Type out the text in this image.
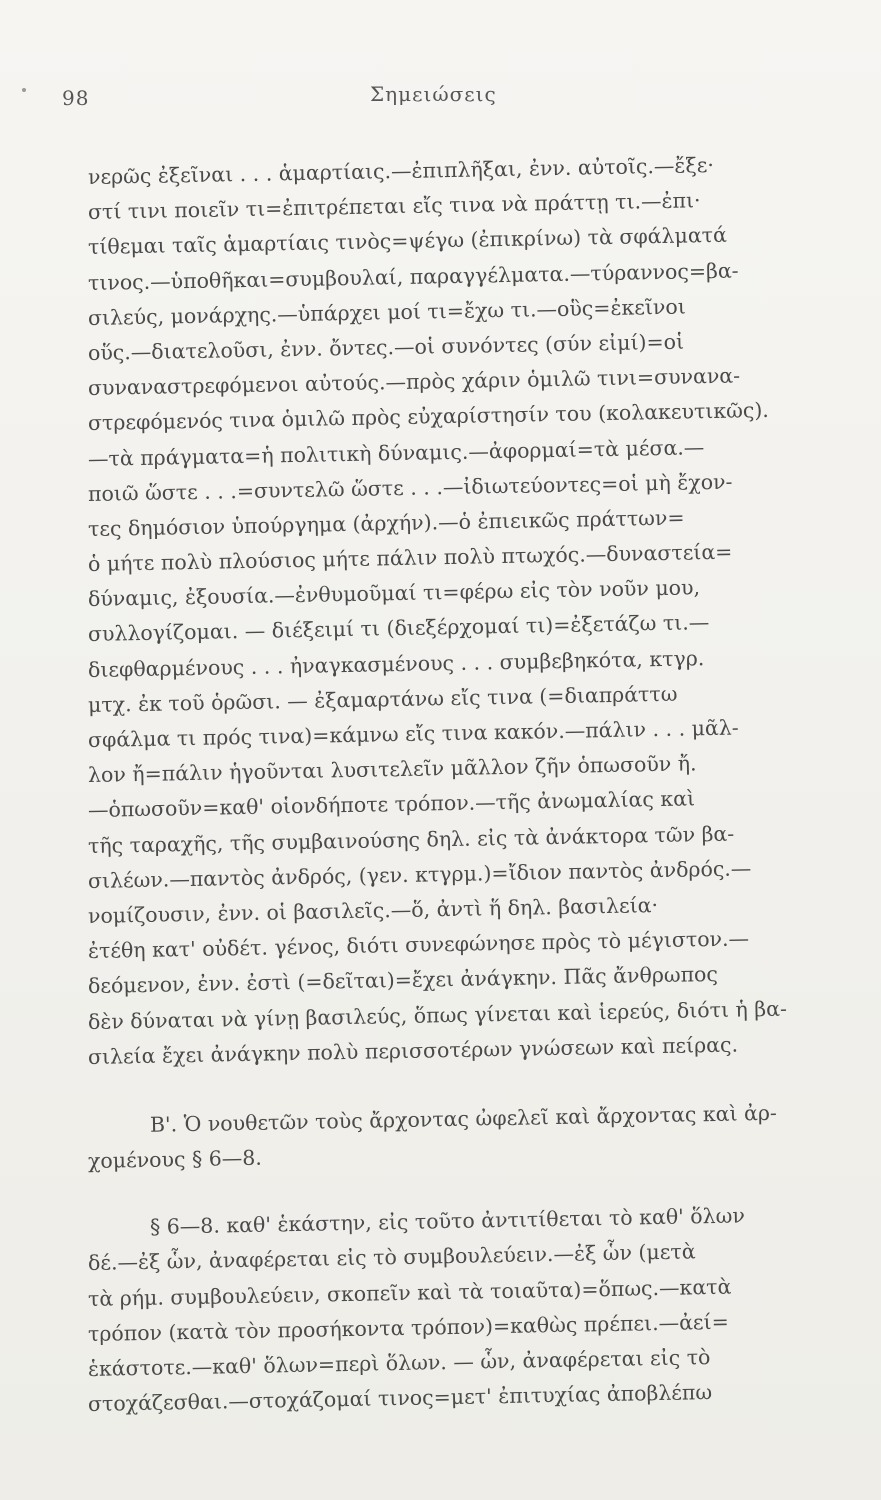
98	Σημειώσεις
νερῶς ἐξεῖναι . . . ἁμαρτίαις.—ἐπιπλῆξαι, ἐνν. αὐτοῖς.—ἔξε·
στί τινι ποιεῖν τι=ἐπιτρέπεται εἴς τινα νὰ πράττῃ τι.—ἐπι·
τίθεμαι ταῖς ἁμαρτίαις τινὸς=ψέγω (ἐπικρίνω) τὰ σφάλματά
τινος.—ὑποθῆκαι=συμβουλαί, παραγγέλματα.—τύραννος=βα-
σιλεύς, μονάρχης.—ὑπάρχει μοί τι=ἔχω τι.—οὓς=ἐκεῖνοι
οὕς.—διατελοῦσι, ἐνν. ὄντες.—οἱ συνόντες (σύν εἰμί)=οἱ
συναναστρεφόμενοι αὐτούς.—πρὸς χάριν ὁμιλῶ τινι=συνανα-
στρεφόμενός τινα ὁμιλῶ πρὸς εὐχαρίστησίν του (κολακευτικῶς).
—τὰ πράγματα=ἡ πολιτικὴ δύναμις.—ἀφορμαί=τὰ μέσα.—
ποιῶ ὥστε . . .=συντελῶ ὥστε . . .—ἰδιωτεύοντες=οἱ μὴ ἔχον-
τες δημόσιον ὑπούργημα (ἀρχήν).—ὁ ἐπιεικῶς πράττων=
ὁ μήτε πολὺ πλούσιος μήτε πάλιν πολὺ πτωχός.—δυναστεία=
δύναμις, ἐξουσία.—ἐνθυμοῦμαί τι=φέρω εἰς τὸν νοῦν μου,
συλλογίζομαι. — διέξειμί τι (διεξέρχομαί τι)=ἐξετάζω τι.—
διεφθαρμένους . . . ἠναγκασμένους . . . συμβεβηκότα, κτγρ.
μτχ. ἐκ τοῦ ὁρῶσι. — ἐξαμαρτάνω εἴς τινα (=διαπράττω
σφάλμα τι πρός τινα)=κάμνω εἴς τινα κακόν.—πάλιν . . . μᾶλ-
λον ἤ=πάλιν ἡγοῦνται λυσιτελεῖν μᾶλλον ζῆν ὁπωσοῦν ἤ.
—ὁπωσοῦν=καθ' οἱονδήποτε τρόπον.—τῆς ἀνωμαλίας καὶ
τῆς ταραχῆς, τῆς συμβαινούσης δηλ. εἰς τὰ ἀνάκτορα τῶν βα-
σιλέων.—παντὸς ἀνδρός, (γεν. κτγρμ.)=ἴδιον παντὸς ἀνδρός.—
νομίζουσιν, ἐνν. οἱ βασιλεῖς.—ὅ, ἀντὶ ἥ δηλ. βασιλεία·
ἐτέθη κατ' οὐδέτ. γένος, διότι συνεφώνησε πρὸς τὸ μέγιστον.—
δεόμενον, ἐνν. ἐστὶ (=δεῖται)=ἔχει ἀνάγκην. Πᾶς ἄνθρωπος
δὲν δύναται νὰ γίνῃ βασιλεύς, ὅπως γίνεται καὶ ἱερεύς, διότι ἡ βα-
σιλεία ἔχει ἀνάγκην πολὺ περισσοτέρων γνώσεων καὶ πείρας.
Β'. Ὁ νουθετῶν τοὺς ἄρχοντας ὠφελεῖ καὶ ἄρχοντας καὶ ἀρ-
χομένους § 6—8.
§ 6—8. καθ' ἑκάστην, εἰς τοῦτο ἀντιτίθεται τὸ καθ' ὅλων
δέ.—ἐξ ὧν, ἀναφέρεται εἰς τὸ συμβουλεύειν.—ἐξ ὧν (μετὰ
τὰ ρήμ. συμβουλεύειν, σκοπεῖν καὶ τὰ τοιαῦτα)=ὅπως.—κατὰ
τρόπον (κατὰ τὸν προσήκοντα τρόπον)=καθὼς πρέπει.—ἀεί=
ἑκάστοτε.—καθ' ὅλων=περὶ ὅλων. — ὧν, ἀναφέρεται εἰς τὸ
στοχάζεσθαι.—στοχάζομαί τινος=μετ' ἐπιτυχίας ἀποβλέπω
